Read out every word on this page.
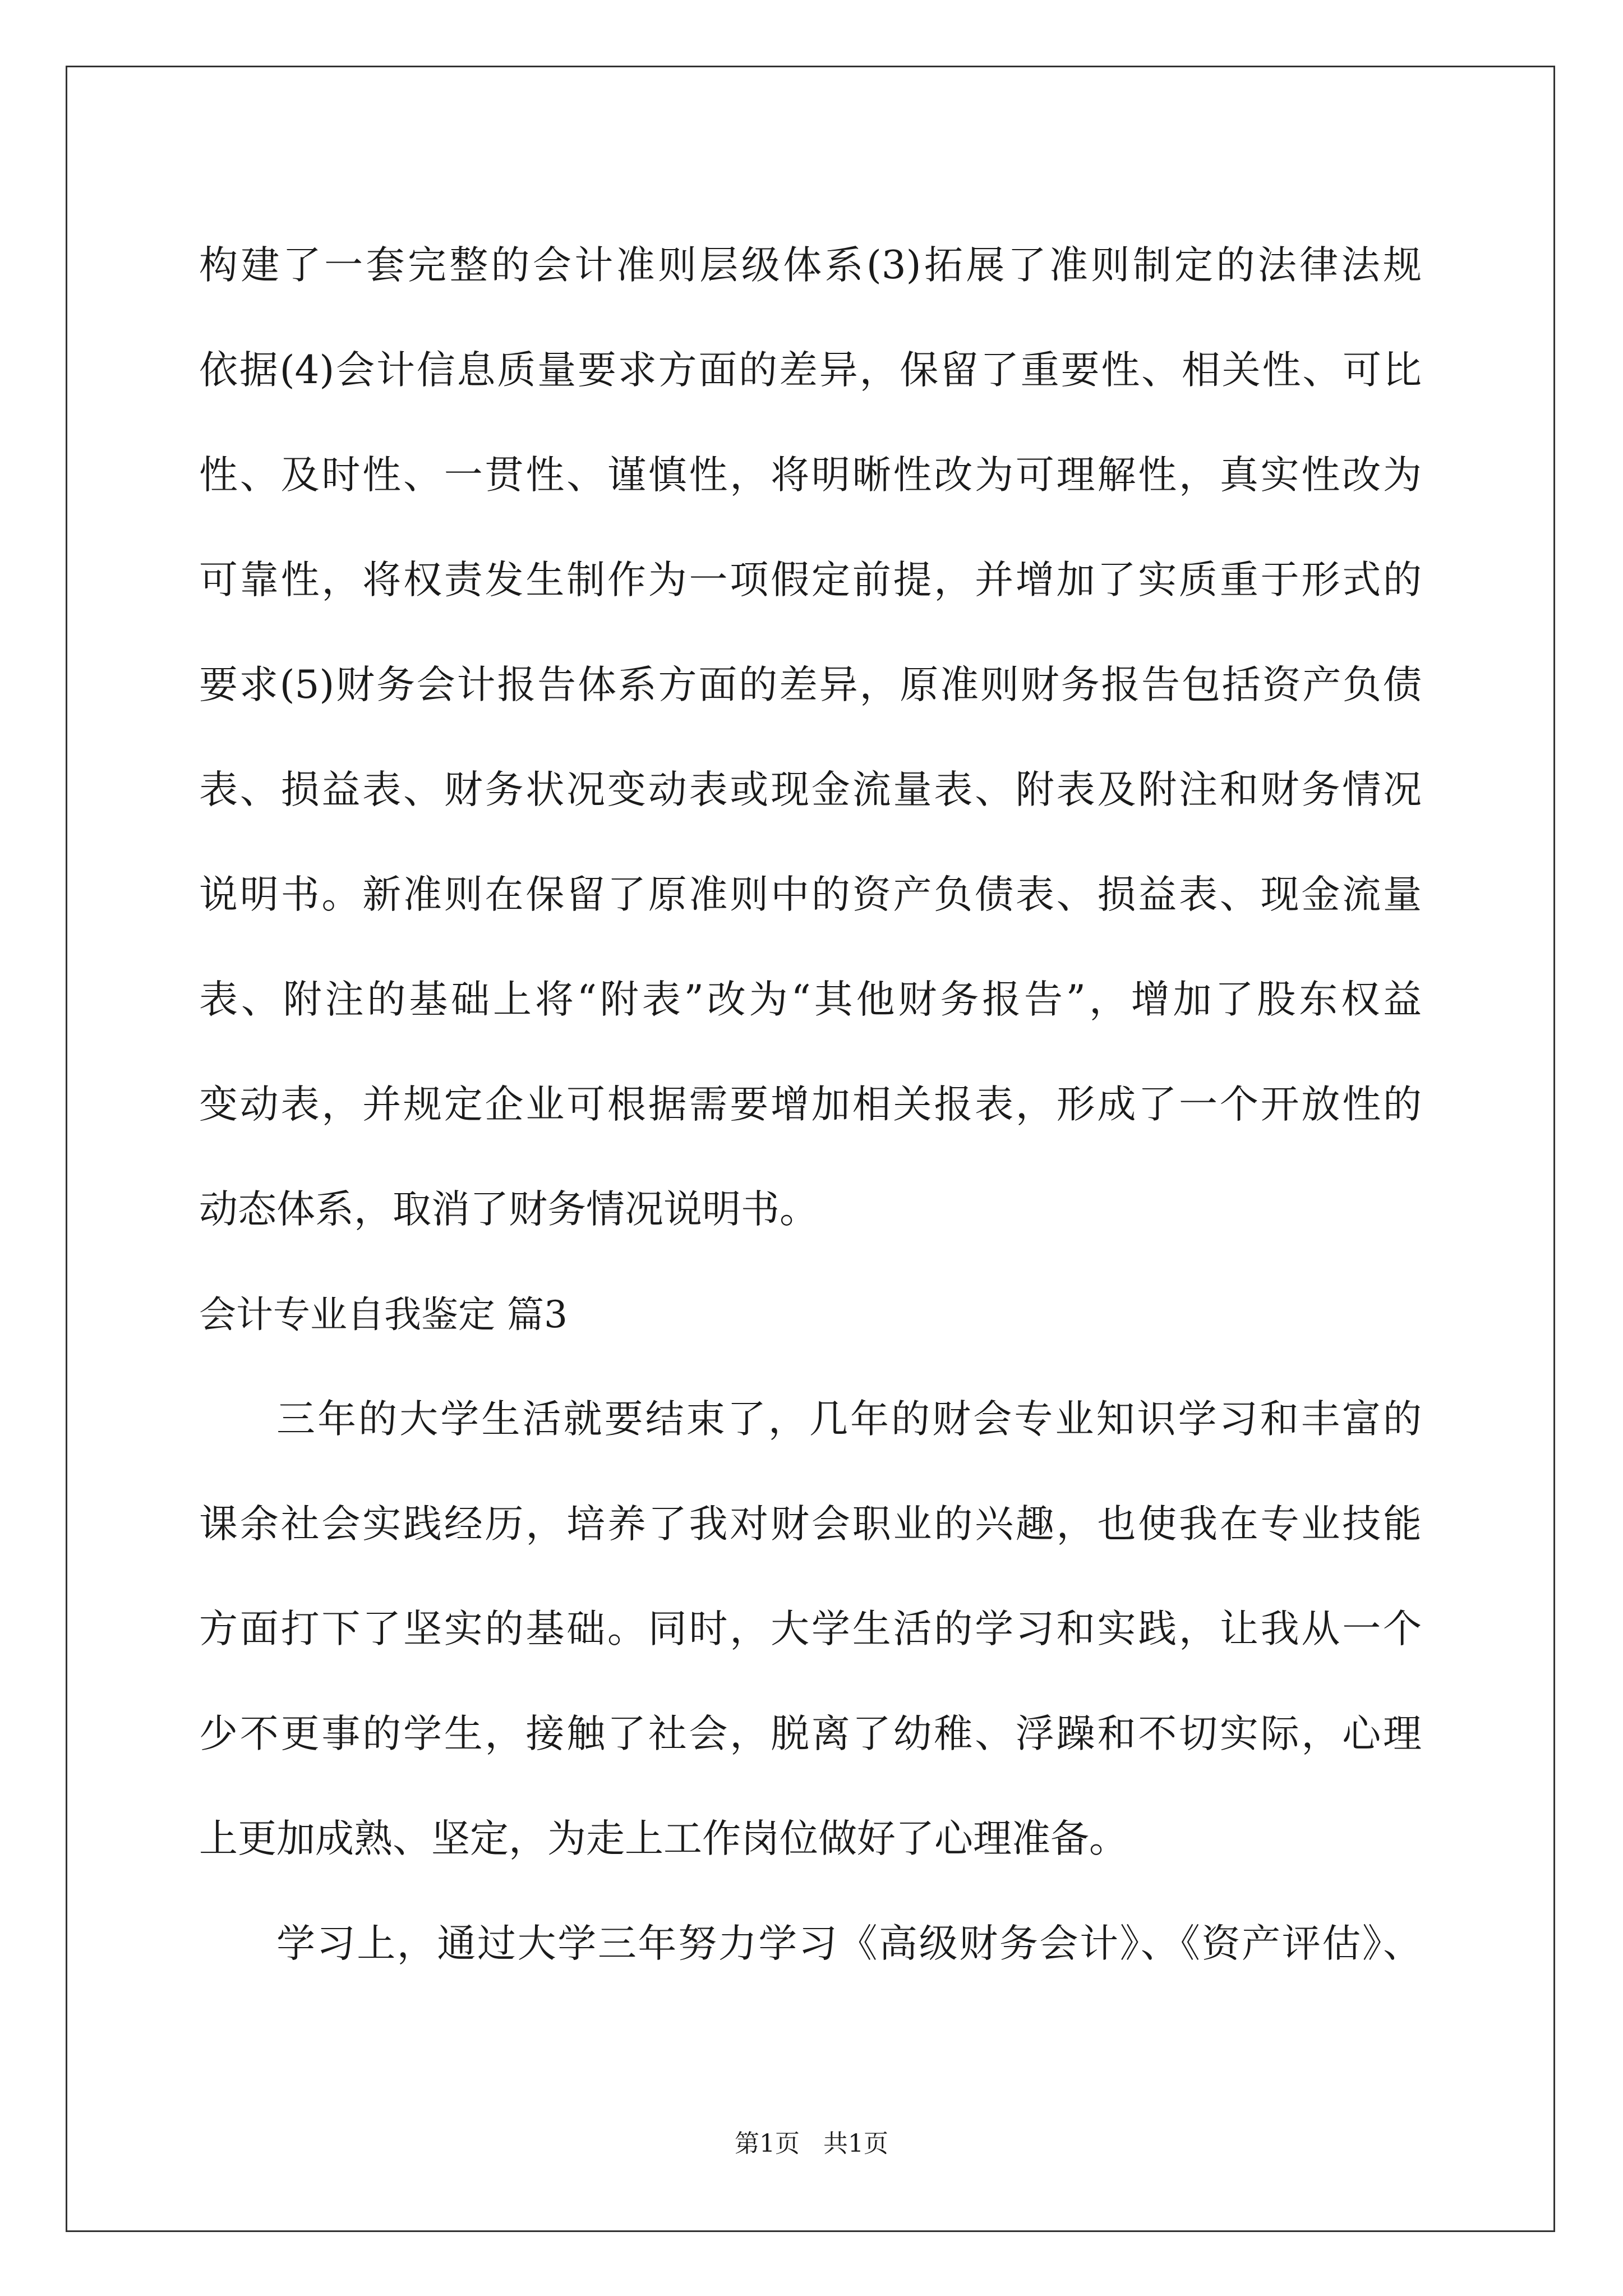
构建了一套完整的会计准则层级体系(3)拓展了准则制定的法律法规
依据(4)会计信息质量要求方面的差异，保留了重要性、相关性、可比
性、及时性、一贯性、谨慎性，将明晰性改为可理解性，真实性改为
可靠性，将权责发生制作为一项假定前提，并增加了实质重于形式的
要求(5)财务会计报告体系方面的差异，原准则财务报告包括资产负债
表、损益表、财务状况变动表或现金流量表、附表及附注和财务情况
说明书。新准则在保留了原准则中的资产负债表、损益表、现金流量
表、附注的基础上将“附表”改为“其他财务报告”，增加了股东权益
变动表，并规定企业可根据需要增加相关报表，形成了一个开放性的
动态体系，取消了财务情况说明书。
会计专业自我鉴定 篇3
三年的大学生活就要结束了，几年的财会专业知识学习和丰富的
课余社会实践经历，培养了我对财会职业的兴趣，也使我在专业技能
方面打下了坚实的基础。同时，大学生活的学习和实践，让我从一个
少不更事的学生，接触了社会，脱离了幼稚、浮躁和不切实际，心理
上更加成熟、坚定，为走上工作岗位做好了心理准备。
学习上，通过大学三年努力学习《高级财务会计》、《资产评估》、
第1页   共1页
